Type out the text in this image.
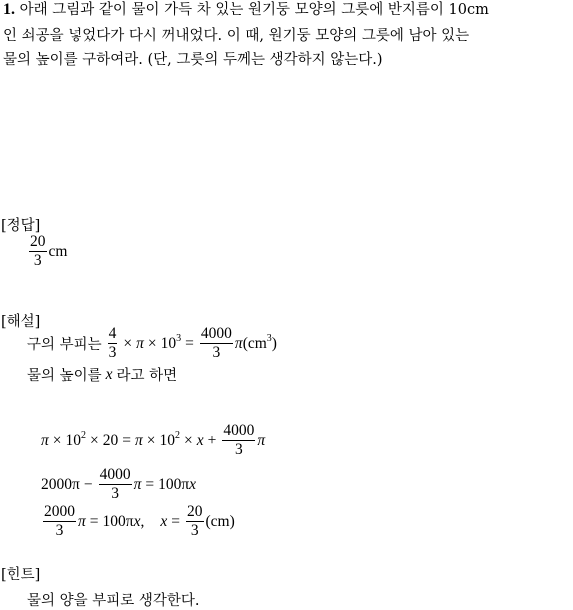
1. 아래 그림과 같이 물이 가득 차 있는 원기둥 모양의 그릇에 반지름이 10cm
인 쇠공을 넣었다가 다시 꺼내었다. 이 때, 원기둥 모양의 그릇에 남아 있는
물의 높이를 구하여라. (단, 그릇의 두께는 생각하지 않는다.)
[정답]
$\frac{20}{3}$ cm
[해설]
구의 부피는 $\frac{4}{3} \times \pi \times 10^3 = \frac{4000}{3}$ π $(cm^3)$
물의 높이를 x 라고 하면
$\pi \times 10^2 \times 20 = \pi \times 10^2 \times x + \frac{4000}{3}$ π
$2000\pi - \frac{4000}{3}$ π = 100π x
$\frac{2000}{3}$ π = 100π x , $x = \frac{20}{3} (cm)$
[힌트]
물의 양을 부피로 생각한다.
